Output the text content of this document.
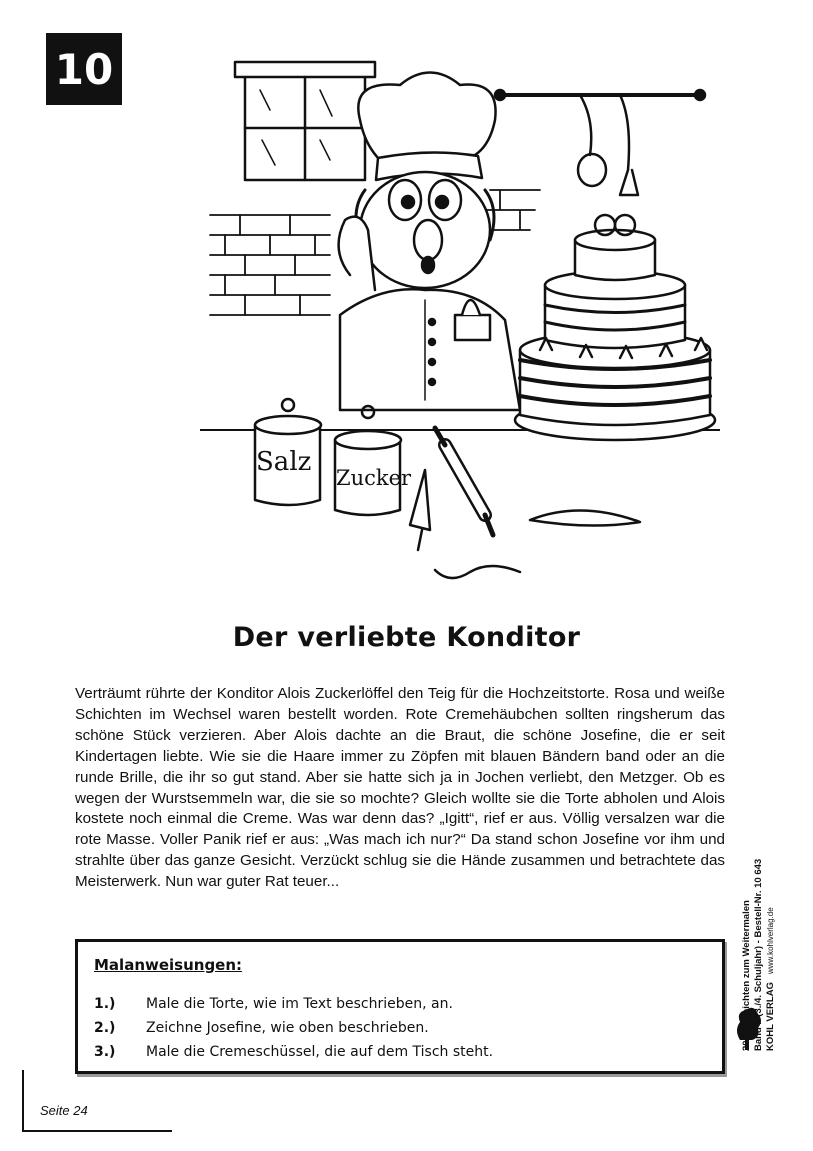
10
Salz
Zucker
Der verliebte Konditor
Verträumt rührte der Konditor Alois Zuckerlöffel den Teig für die Hochzeitstorte. Rosa und weiße Schichten im Wechsel waren bestellt worden. Rote Cremehäubchen sollten ringsherum das schöne Stück verzieren. Aber Alois dachte an die Braut, die schöne Josefine, die er seit Kindertagen liebte. Wie sie die Haare immer zu Zöpfen mit blauen Bändern band oder an die runde Brille, die ihr so gut stand. Aber sie hatte sich ja in Jochen verliebt, den Metzger. Ob es wegen der Wurstsemmeln war, die sie so mochte? Gleich wollte sie die Torte abholen und Alois kostete noch einmal die Creme. Was war denn das? „Igitt“, rief er aus. Völlig versalzen war die rote Masse. Voller Panik rief er aus: „Was mach ich nur?“ Da stand schon Josefine vor ihm und strahlte über das ganze Gesicht. Verzückt schlug sie die Hände zusammen und betrachtete das Meisterwerk. Nun war guter Rat teuer...
Malanweisungen:
1.)	Male die Torte, wie im Text beschrieben, an.
2.)	Zeichne Josefine, wie oben beschrieben.
3.)	Male die Cremeschüssel, die auf dem Tisch steht.
20 Geschichten zum Weitermalen Band II (3./4. Schuljahr) - Bestell-Nr. 10 643 KOHL VERLAG
www.kohlverlag.de
Seite 24
